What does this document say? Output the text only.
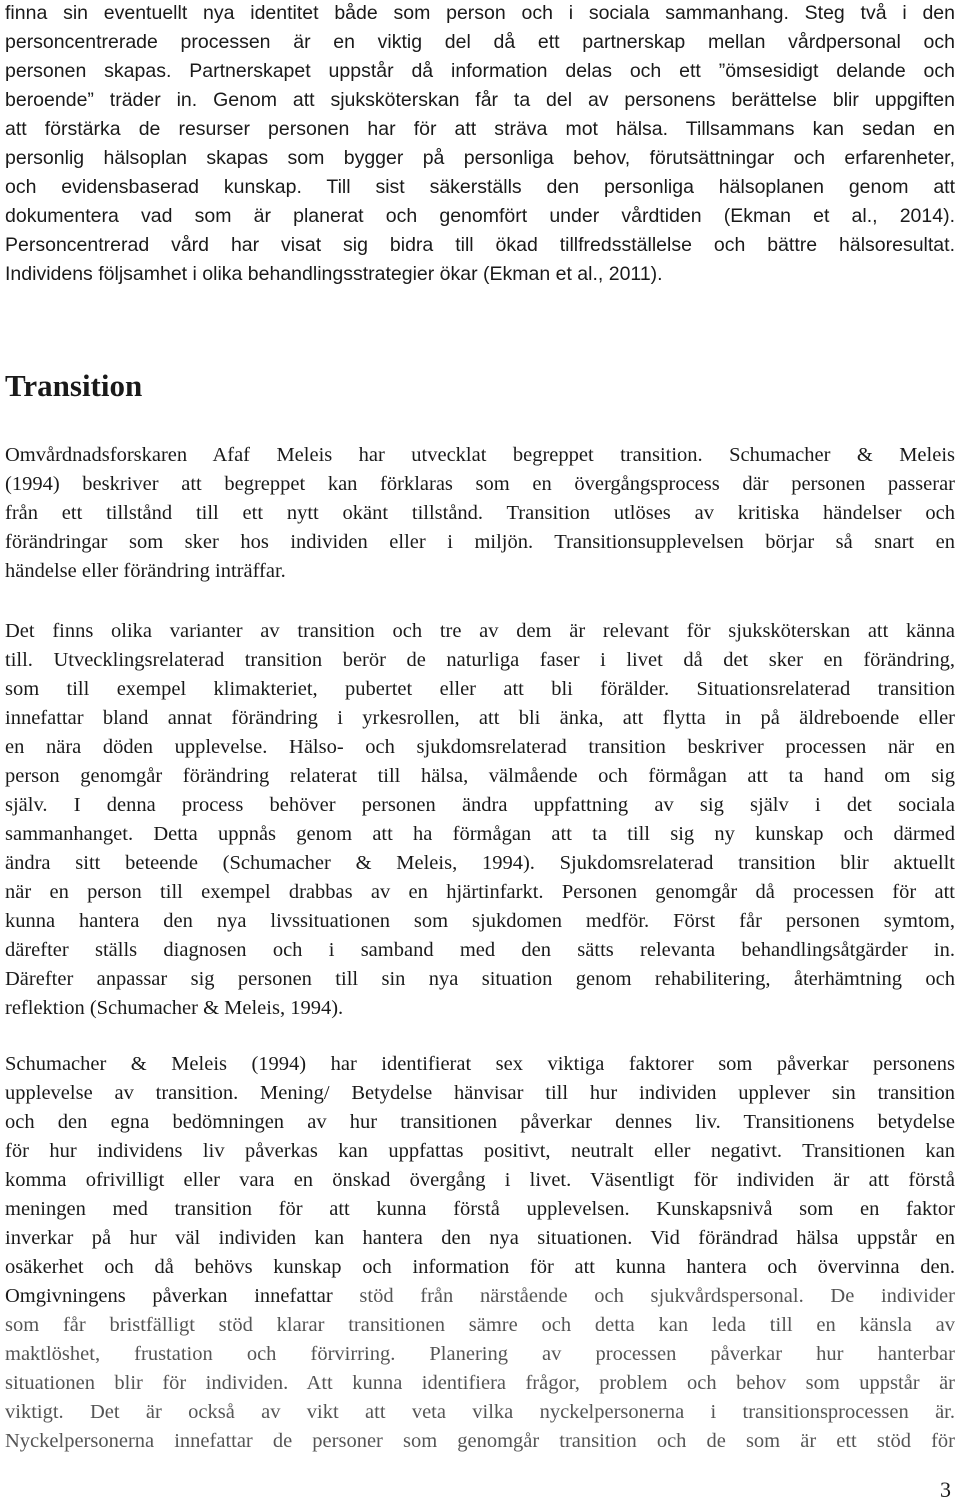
finna sin eventuellt nya identitet både som person och i sociala sammanhang. Steg två i den
personcentrerade processen är en viktig del då ett partnerskap mellan vårdpersonal och
personen skapas. Partnerskapet uppstår då information delas och ett ”ömsesidigt delande och
beroende” träder in. Genom att sjuksköterskan får ta del av personens berättelse blir uppgiften
att förstärka de resurser personen har för att sträva mot hälsa. Tillsammans kan sedan en
personlig hälsoplan skapas som bygger på personliga behov, förutsättningar och erfarenheter,
och evidensbaserad kunskap. Till sist säkerställs den personliga hälsoplanen genom att
dokumentera vad som är planerat och genomfört under vårdtiden (Ekman et al., 2014).
Personcentrerad vård har visat sig bidra till ökad tillfredsställelse och bättre hälsoresultat.
Individens följsamhet i olika behandlingsstrategier ökar (Ekman et al., 2011).
Transition
Omvårdnadsforskaren Afaf Meleis har utvecklat begreppet transition. Schumacher & Meleis
(1994) beskriver att begreppet kan förklaras som en övergångsprocess där personen passerar
från ett tillstånd till ett nytt okänt tillstånd. Transition utlöses av kritiska händelser och
förändringar som sker hos individen eller i miljön. Transitionsupplevelsen börjar så snart en
händelse eller förändring inträffar.
Det finns olika varianter av transition och tre av dem är relevant för sjuksköterskan att känna
till. Utvecklingsrelaterad transition berör de naturliga faser i livet då det sker en förändring,
som till exempel klimakteriet, pubertet eller att bli förälder. Situationsrelaterad transition
innefattar bland annat förändring i yrkesrollen, att bli änka, att flytta in på äldreboende eller
en nära döden upplevelse. Hälso- och sjukdomsrelaterad transition beskriver processen när en
person genomgår förändring relaterat till hälsa, välmående och förmågan att ta hand om sig
själv. I denna process behöver personen ändra uppfattning av sig själv i det sociala
sammanhanget. Detta uppnås genom att ha förmågan att ta till sig ny kunskap och därmed
ändra sitt beteende (Schumacher & Meleis, 1994). Sjukdomsrelaterad transition blir aktuellt
när en person till exempel drabbas av en hjärtinfarkt. Personen genomgår då processen för att
kunna hantera den nya livssituationen som sjukdomen medför. Först får personen symtom,
därefter ställs diagnosen och i samband med den sätts relevanta behandlingsåtgärder in.
Därefter anpassar sig personen till sin nya situation genom rehabilitering, återhämtning och
reflektion (Schumacher & Meleis, 1994).
Schumacher & Meleis (1994) har identifierat sex viktiga faktorer som påverkar personens
upplevelse av transition. Mening/ Betydelse hänvisar till hur individen upplever sin transition
och den egna bedömningen av hur transitionen påverkar dennes liv. Transitionens betydelse
för hur individens liv påverkas kan uppfattas positivt, neutralt eller negativt. Transitionen kan
komma ofrivilligt eller vara en önskad övergång i livet. Väsentligt för individen är att förstå
meningen med transition för att kunna förstå upplevelsen. Kunskapsnivå som en faktor
inverkar på hur väl individen kan hantera den nya situationen. Vid förändrad hälsa uppstår en
osäkerhet och då behövs kunskap och information för att kunna hantera och övervinna den.
Omgivningens påverkan innefattar stöd från närstående och sjukvårdspersonal. De individer
som får bristfälligt stöd klarar transitionen sämre och detta kan leda till en känsla av
maktlöshet, frustation och förvirring. Planering av processen påverkar hur hanterbar
situationen blir för individen. Att kunna identifiera frågor, problem och behov som uppstår är
viktigt. Det är också av vikt att veta vilka nyckelpersonerna i transitionsprocessen är.
Nyckelpersonerna innefattar de personer som genomgår transition och de som är ett stöd för
3
